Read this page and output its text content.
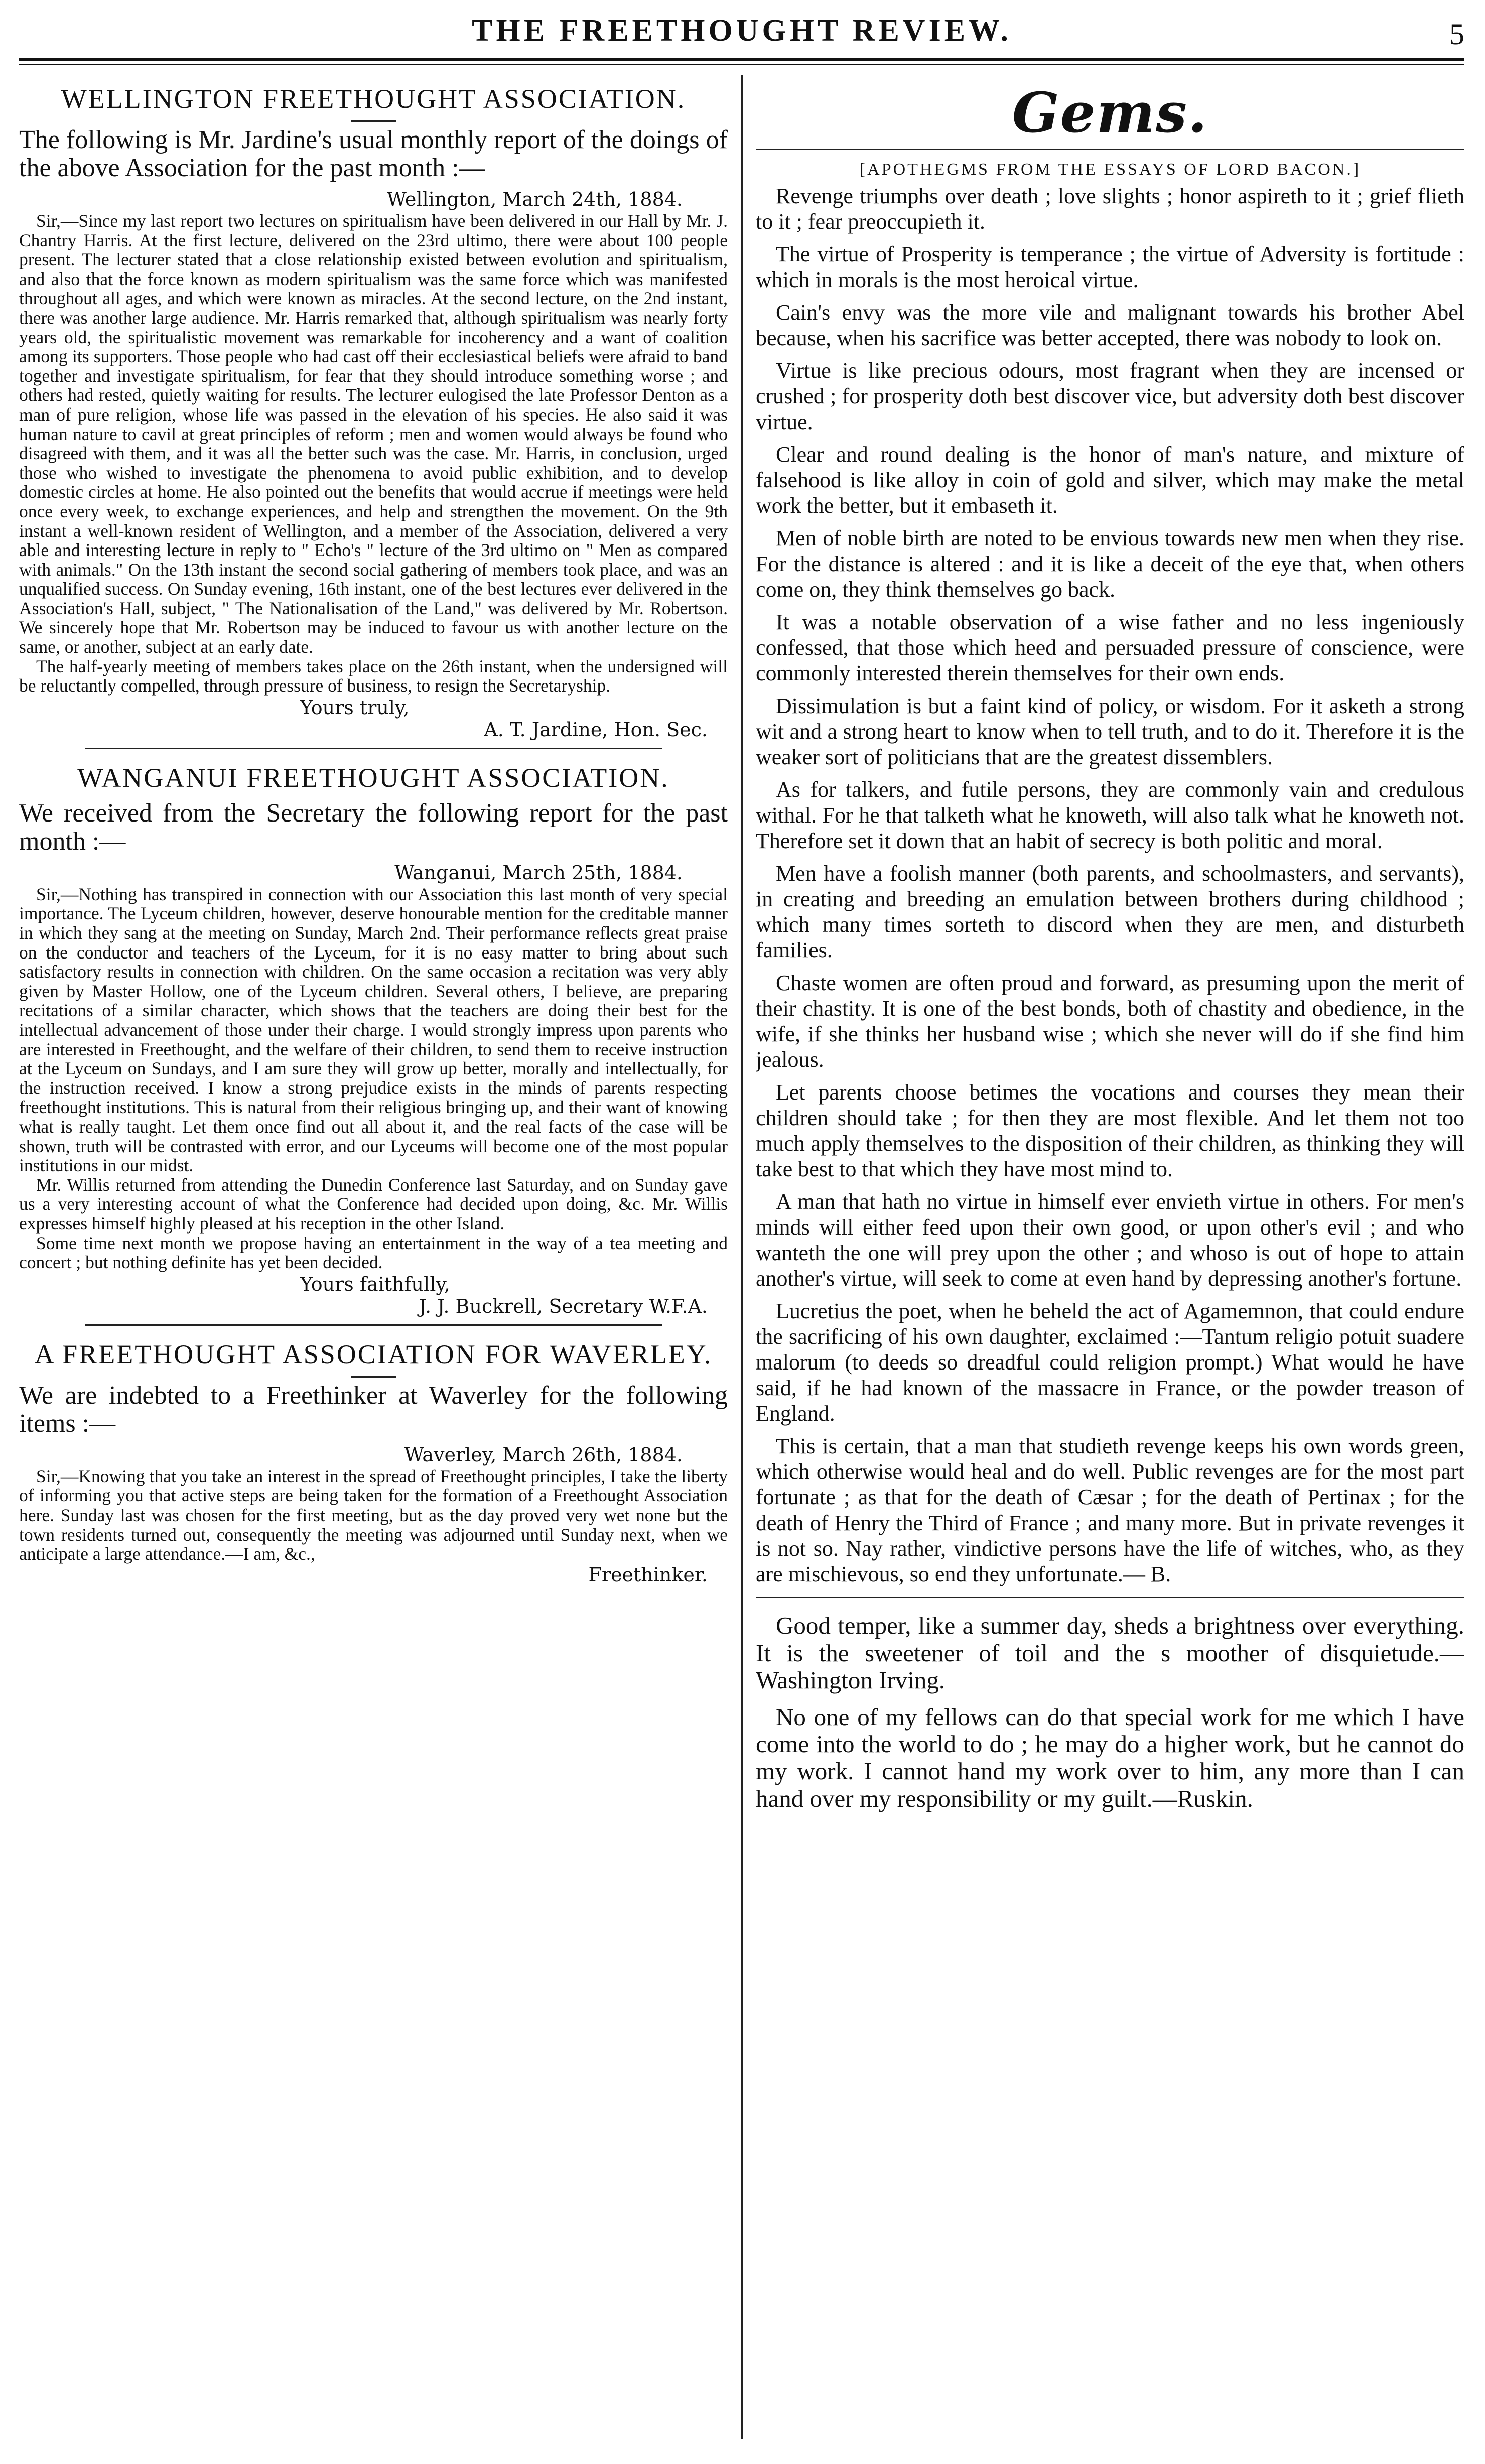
THE FREETHOUGHT REVIEW.	5
WELLINGTON FREETHOUGHT ASSOCIATION.

The following is Mr. Jardine's usual monthly report of the doings of the above Association for the past month :—

Wellington, March 24th, 1884.

Sir,—Since my last report two lectures on spiritualism have been delivered in our Hall by Mr. J. Chantry Harris. At the first lecture, delivered on the 23rd ultimo, there were about 100 people present. The lecturer stated that a close relationship existed between evolution and spiritualism, and also that the force known as modern spiritualism was the same force which was manifested throughout all ages, and which were known as miracles. At the second lecture, on the 2nd instant, there was another large audience. Mr. Harris remarked that, although spiritualism was nearly forty years old, the spiritualistic movement was remarkable for incoherency and a want of coalition among its supporters. Those people who had cast off their ecclesiastical beliefs were afraid to band together and investigate spiritualism, for fear that they should introduce something worse ; and others had rested, quietly waiting for results. The lecturer eulogised the late Professor Denton as a man of pure religion, whose life was passed in the elevation of his species. He also said it was human nature to cavil at great principles of reform ; men and women would always be found who disagreed with them, and it was all the better such was the case. Mr. Harris, in conclusion, urged those who wished to investigate the phenomena to avoid public exhibition, and to develop domestic circles at home. He also pointed out the benefits that would accrue if meetings were held once every week, to exchange experiences, and help and strengthen the movement. On the 9th instant a well-known resident of Wellington, and a member of the Association, delivered a very able and interesting lecture in reply to " Echo's " lecture of the 3rd ultimo on " Men as compared with animals." On the 13th instant the second social gathering of members took place, and was an unqualified success. On Sunday evening, 16th instant, one of the best lectures ever delivered in the Association's Hall, subject, " The Nationalisation of the Land," was delivered by Mr. Robertson. We sincerely hope that Mr. Robertson may be induced to favour us with another lecture on the same, or another, subject at an early date.

The half-yearly meeting of members takes place on the 26th instant, when the undersigned will be reluctantly compelled, through pressure of business, to resign the Secretaryship.

Yours truly,
A. T. Jardine, Hon. Sec.
WANGANUI FREETHOUGHT ASSOCIATION.

We received from the Secretary the following report for the past month :—

Wanganui, March 25th, 1884.

Sir,—Nothing has transpired in connection with our Association this last month of very special importance. The Lyceum children, however, deserve honourable mention for the creditable manner in which they sang at the meeting on Sunday, March 2nd. Their performance reflects great praise on the conductor and teachers of the Lyceum, for it is no easy matter to bring about such satisfactory results in connection with children. On the same occasion a recitation was very ably given by Master Hollow, one of the Lyceum children. Several others, I believe, are preparing recitations of a similar character, which shows that the teachers are doing their best for the intellectual advancement of those under their charge. I would strongly impress upon parents who are interested in Freethought, and the welfare of their children, to send them to receive instruction at the Lyceum on Sundays, and I am sure they will grow up better, morally and intellectually, for the instruction received. I know a strong prejudice exists in the minds of parents respecting freethought institutions. This is natural from their religious bringing up, and their want of knowing what is really taught. Let them once find out all about it, and the real facts of the case will be shown, truth will be contrasted with error, and our Lyceums will become one of the most popular institutions in our midst.

Mr. Willis returned from attending the Dunedin Conference last Saturday, and on Sunday gave us a very interesting account of what the Conference had decided upon doing, &c. Mr. Willis expresses himself highly pleased at his reception in the other Island.

Some time next month we propose having an entertainment in the way of a tea meeting and concert ; but nothing definite has yet been decided.

Yours faithfully,
J. J. Buckrell, Secretary W.F.A.
A FREETHOUGHT ASSOCIATION FOR WAVERLEY.

We are indebted to a Freethinker at Waverley for the following items :—

Waverley, March 26th, 1884.

Sir,—Knowing that you take an interest in the spread of Freethought principles, I take the liberty of informing you that active steps are being taken for the formation of a Freethought Association here. Sunday last was chosen for the first meeting, but as the day proved very wet none but the town residents turned out, consequently the meeting was adjourned until Sunday next, when we anticipate a large attendance.—I am, &c.,

Freethinker.
Gems.
[APOTHEGMS FROM THE ESSAYS OF LORD BACON.]

Revenge triumphs over death ; love slights ; honor aspireth to it ; grief flieth to it ; fear preoccupieth it.

The virtue of Prosperity is temperance ; the virtue of Adversity is fortitude : which in morals is the most heroical virtue.

Cain's envy was the more vile and malignant towards his brother Abel because, when his sacrifice was better accepted, there was nobody to look on.

Virtue is like precious odours, most fragrant when they are incensed or crushed ; for prosperity doth best discover vice, but adversity doth best discover virtue.

Clear and round dealing is the honor of man's nature, and mixture of falsehood is like alloy in coin of gold and silver, which may make the metal work the better, but it embaseth it.

Men of noble birth are noted to be envious towards new men when they rise. For the distance is altered : and it is like a deceit of the eye that, when others come on, they think themselves go back.

It was a notable observation of a wise father and no less ingeniously confessed, that those which heed and persuaded pressure of conscience, were commonly interested therein themselves for their own ends.

Dissimulation is but a faint kind of policy, or wisdom. For it asketh a strong wit and a strong heart to know when to tell truth, and to do it. Therefore it is the weaker sort of politicians that are the greatest dissemblers.

As for talkers, and futile persons, they are commonly vain and credulous withal. For he that talketh what he knoweth, will also talk what he knoweth not. Therefore set it down that an habit of secrecy is both politic and moral.

Men have a foolish manner (both parents, and schoolmasters, and servants), in creating and breeding an emulation between brothers during childhood ; which many times sorteth to discord when they are men, and disturbeth families.

Chaste women are often proud and forward, as presuming upon the merit of their chastity. It is one of the best bonds, both of chastity and obedience, in the wife, if she thinks her husband wise ; which she never will do if she find him jealous.

Let parents choose betimes the vocations and courses they mean their children should take ; for then they are most flexible. And let them not too much apply themselves to the disposition of their children, as thinking they will take best to that which they have most mind to.

A man that hath no virtue in himself ever envieth virtue in others. For men's minds will either feed upon their own good, or upon other's evil ; and who wanteth the one will prey upon the other ; and whoso is out of hope to attain another's virtue, will seek to come at even hand by depressing another's fortune.

Lucretius the poet, when he beheld the act of Agamemnon, that could endure the sacrificing of his own daughter, exclaimed :—Tantum religio potuit suadere malorum (to deeds so dreadful could religion prompt.) What would he have said, if he had known of the massacre in France, or the powder treason of England.

This is certain, that a man that studieth revenge keeps his own words green, which otherwise would heal and do well. Public revenges are for the most part fortunate ; as that for the death of Cæsar ; for the death of Pertinax ; for the death of Henry the Third of France ; and many more. But in private revenges it is not so. Nay rather, vindictive persons have the life of witches, who, as they are mischievous, so end they unfortunate.— B.

Good temper, like a summer day, sheds a brightness over everything. It is the sweetener of toil and the s moother of disquietude.—Washington Irving.

No one of my fellows can do that special work for me which I have come into the world to do ; he may do a higher work, but he cannot do my work. I cannot hand my work over to him, any more than I can hand over my responsibility or my guilt.—Ruskin.
